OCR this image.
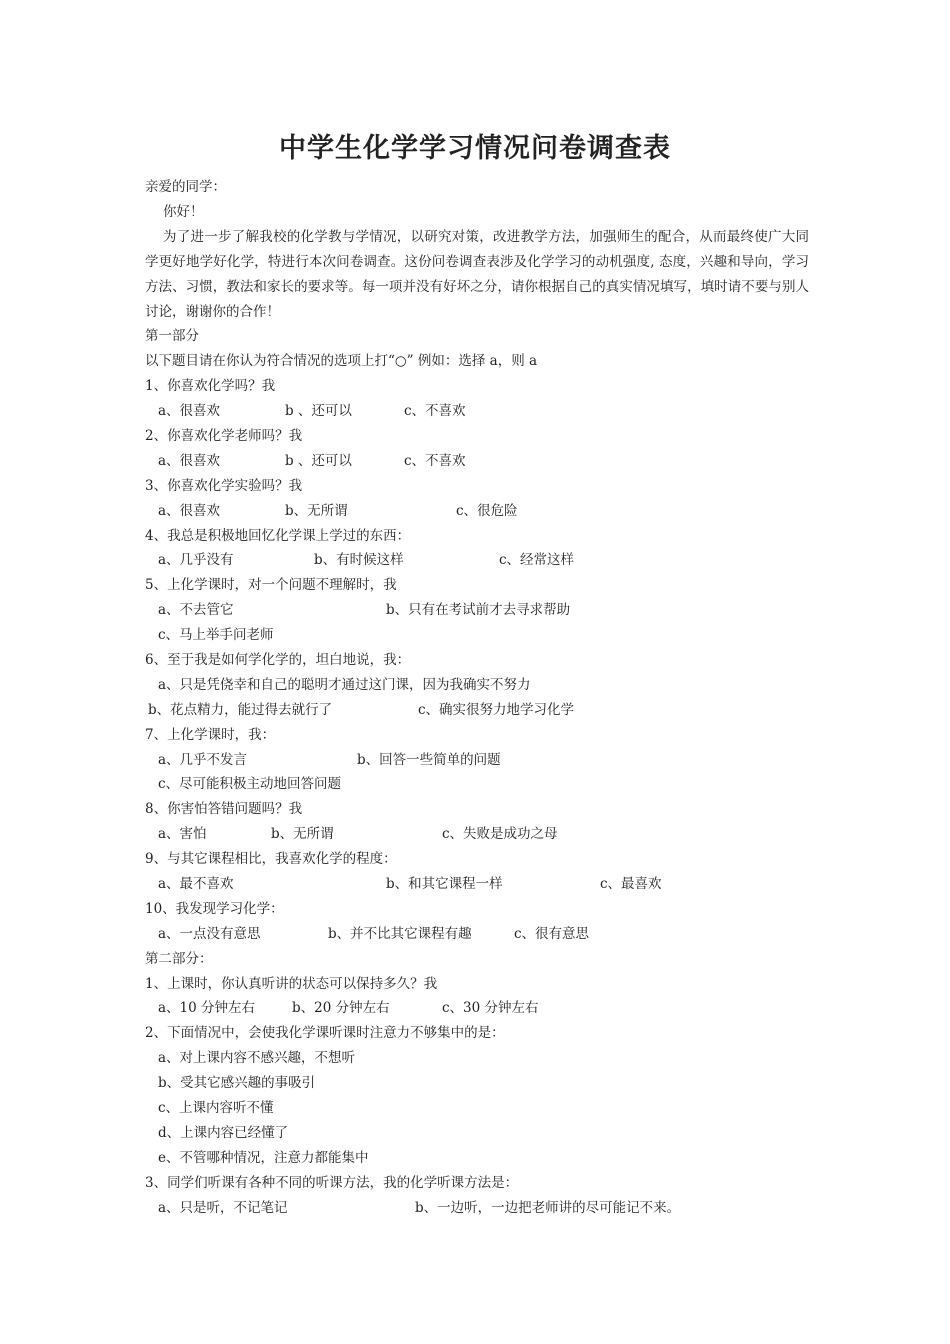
中学生化学学习情况问卷调查表
亲爱的同学：
你好！
为了进一步了解我校的化学教与学情况，以研究对策，改进教学方法，加强师生的配合，从而最终使广大同学更好地学好化学，特进行本次问卷调查。这份问卷调查表涉及化学学习的动机强度, 态度，兴趣和导向，学习方法、习惯，教法和家长的要求等。每一项并没有好坏之分，请你根据自己的真实情况填写，填时请不要与别人讨论，谢谢你的合作！
第一部分
以下题目请在你认为符合情况的选项上打“○” 例如：选择 a，则 a
1、你喜欢化学吗？我
a、很喜欢	b 、还可以	c、不喜欢
2、你喜欢化学老师吗？我
a、很喜欢	b 、还可以	c、不喜欢
3、你喜欢化学实验吗？我
a、很喜欢	b、无所谓	c、很危险
4、我总是积极地回忆化学课上学过的东西：
a、几乎没有	b、有时候这样	c、经常这样
5、上化学课时，对一个问题不理解时，我
a、不去管它	b、只有在考试前才去寻求帮助
c、马上举手问老师
6、至于我是如何学化学的，坦白地说，我：
a、只是凭侥幸和自己的聪明才通过这门课，因为我确实不努力
b、花点精力，能过得去就行了	c、确实很努力地学习化学
7、上化学课时，我：
a、几乎不发言	b、回答一些简单的问题
c、尽可能积极主动地回答问题
8、你害怕答错问题吗？我
a、害怕	b、无所谓	c、失败是成功之母
9、与其它课程相比，我喜欢化学的程度：
a、最不喜欢	b、和其它课程一样	c、最喜欢
10、我发现学习化学：
a、一点没有意思	b、并不比其它课程有趣	c、很有意思
第二部分：
1、上课时，你认真听讲的状态可以保持多久？我
a、10 分钟左右	b、20 分钟左右	c、30 分钟左右
2、下面情况中，会使我化学课听课时注意力不够集中的是：
a、对上课内容不感兴趣，不想听
b、受其它感兴趣的事吸引
c、上课内容听不懂
d、上课内容已经懂了
e、不管哪种情况，注意力都能集中
3、同学们听课有各种不同的听课方法，我的化学听课方法是：
a、只是听，不记笔记	b、一边听，一边把老师讲的尽可能记不来。
